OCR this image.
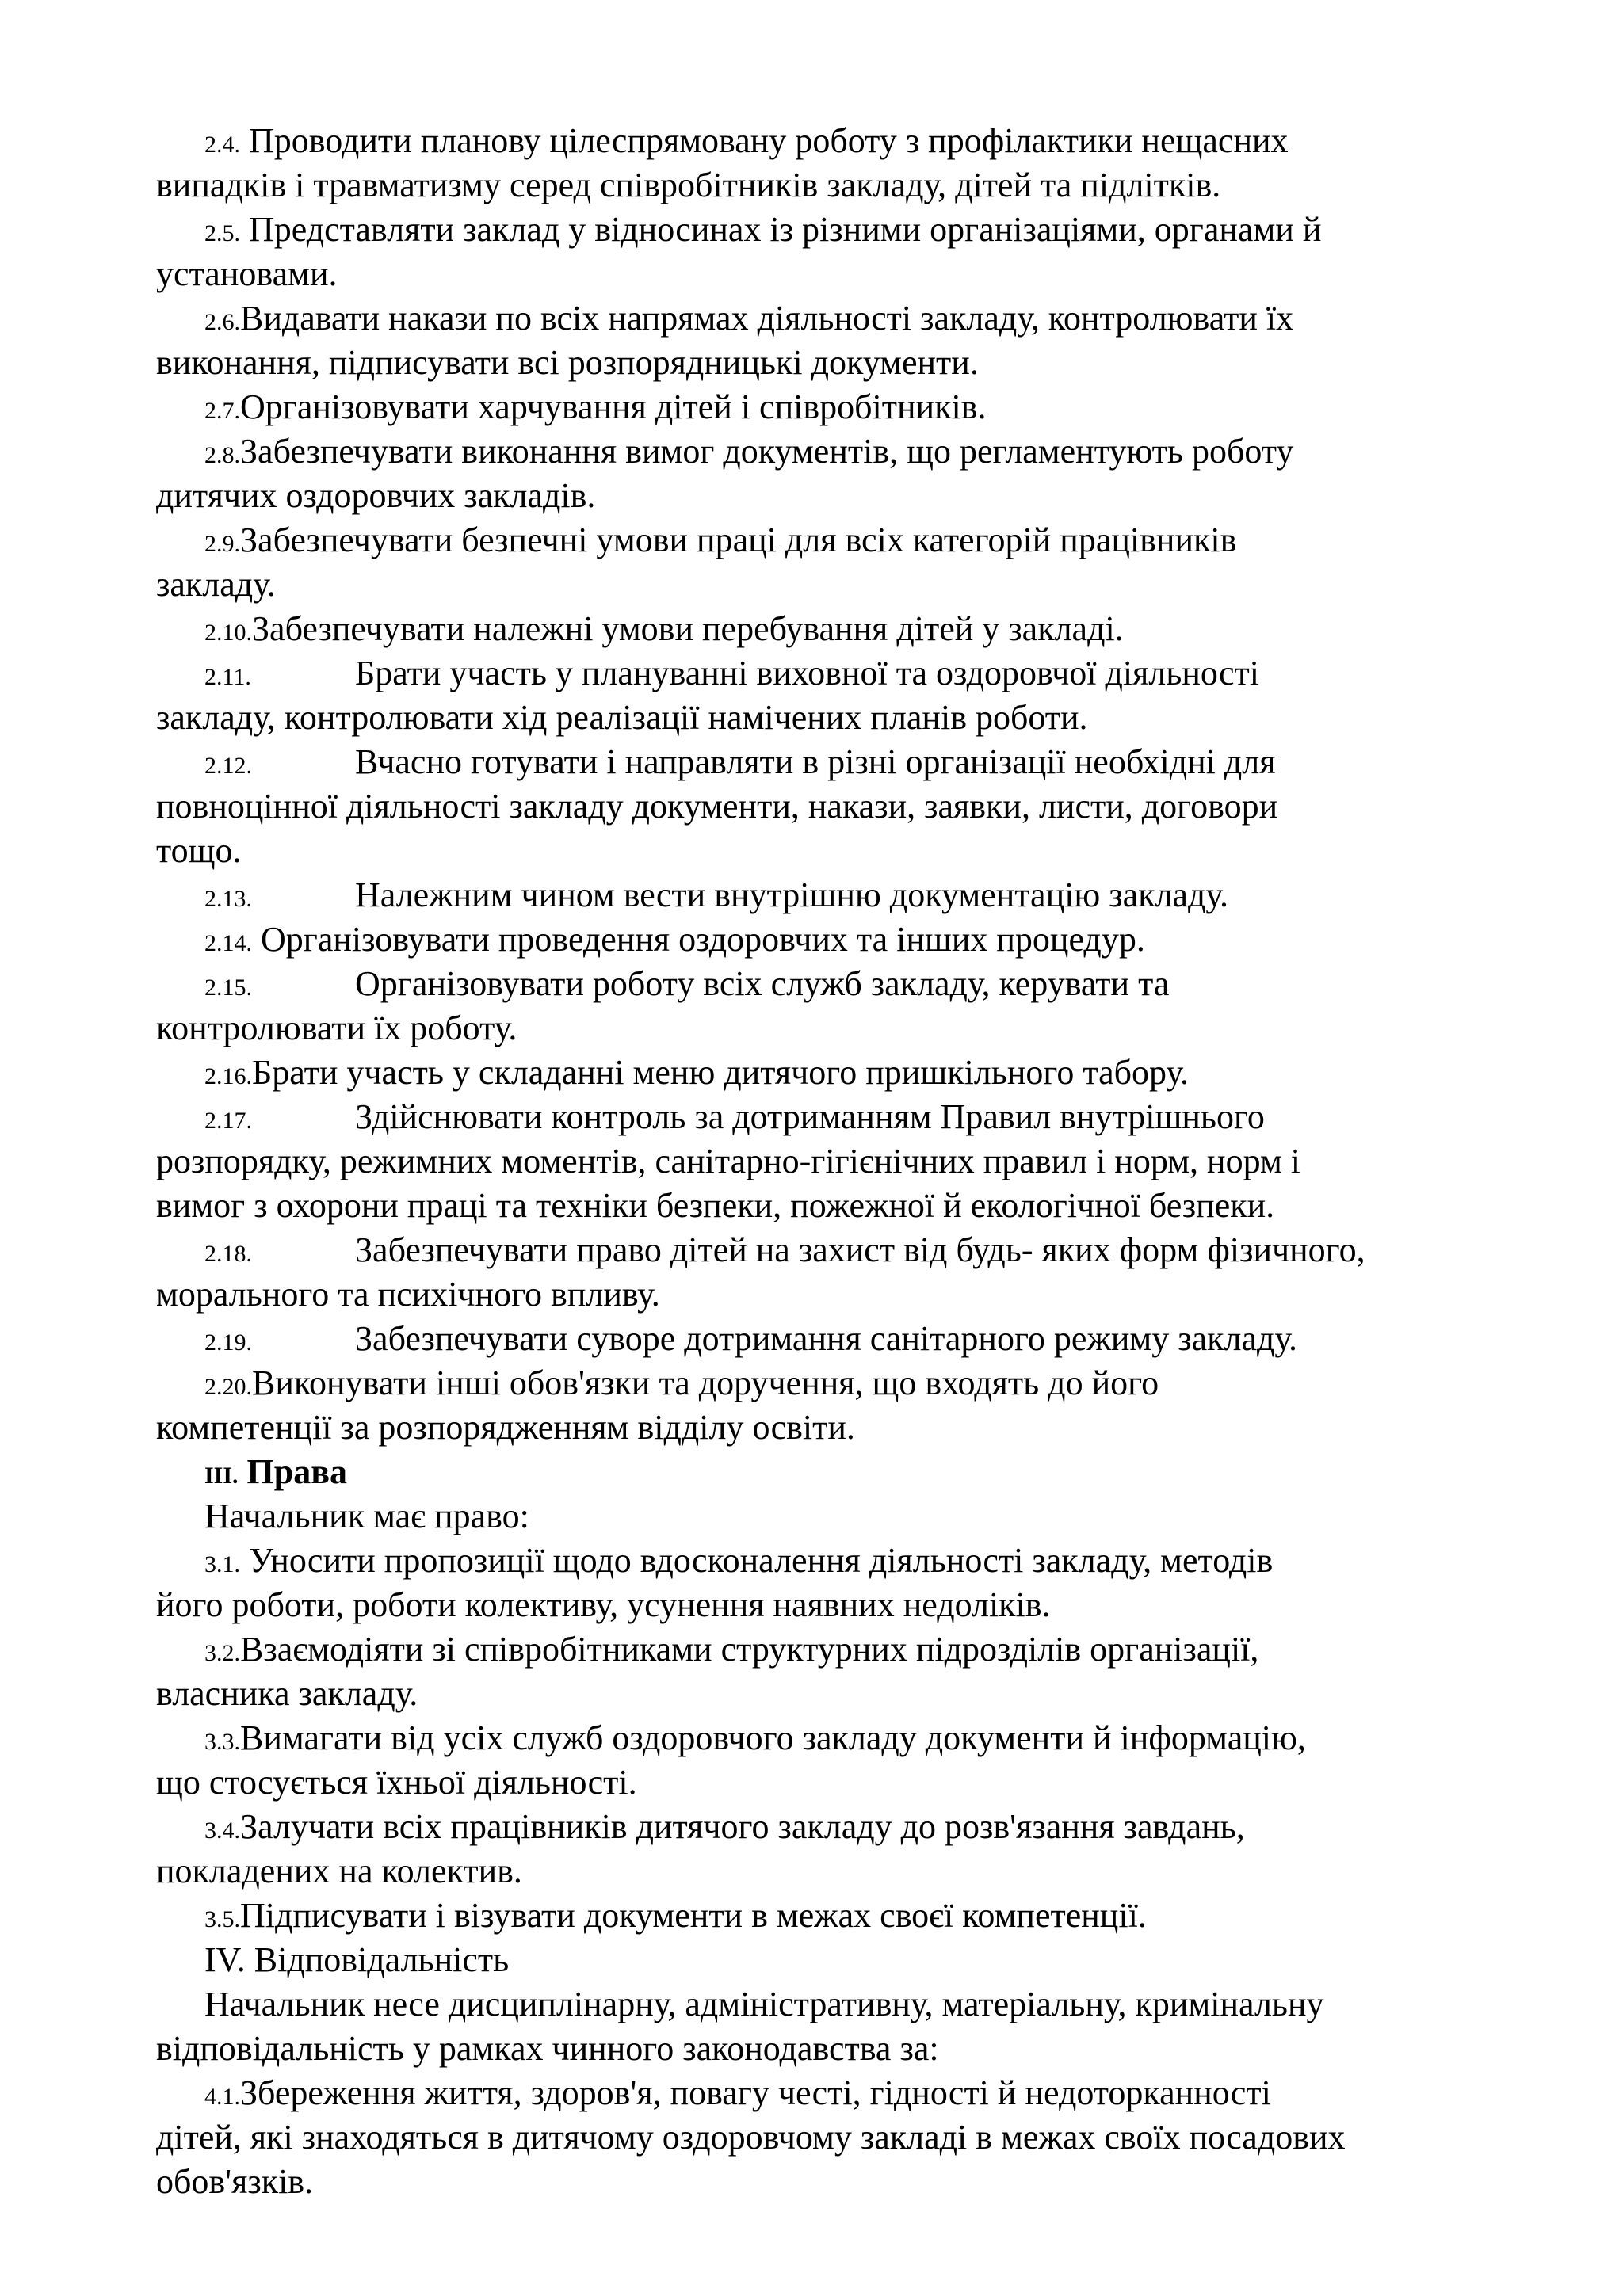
2.4. Проводити планову цілеспрямовану роботу з профілактики нещасних
випадків і травматизму серед співробітників закладу, дітей та підлітків.
2.5. Представляти заклад у відносинах із різними організаціями, органами й
установами.
2.6.Видавати накази по всіх напрямах діяльності закладу, контролювати їх
виконання, підписувати всі розпорядницькі документи.
2.7.Організовувати харчування дітей і співробітників.
2.8.Забезпечувати виконання вимог документів, що регламентують роботу
дитячих оздоровчих закладів.
2.9.Забезпечувати безпечні умови праці для всіх категорій працівників
закладу.
2.10.Забезпечувати належні умови перебування дітей у закладі.
2.11.	Брати участь у плануванні виховної та оздоровчої діяльності
закладу, контролювати хід реалізації намічених планів роботи.
2.12.	Вчасно готувати і направляти в різні організації необхідні для
повноцінної діяльності закладу документи, накази, заявки, листи, договори
тощо.
2.13.	Належним чином вести внутрішню документацію закладу.
2.14. Організовувати проведення оздоровчих та інших процедур.
2.15.	Організовувати роботу всіх служб закладу, керувати та
контролювати їх роботу.
2.16.Брати участь у складанні меню дитячого пришкільного табору.
2.17.	Здійснювати контроль за дотриманням Правил внутрішнього
розпорядку, режимних моментів, санітарно-гігієнічних правил і норм, норм і
вимог з охорони праці та техніки безпеки, пожежної й екологічної безпеки.
2.18.	Забезпечувати право дітей на захист від будь- яких форм фізичного,
морального та психічного впливу.
2.19.	Забезпечувати суворе дотримання санітарного режиму закладу.
2.20.Виконувати інші обов'язки та доручення, що входять до його
компетенції за розпорядженням відділу освіти.
III. Права
Начальник має право:
3.1. Уносити пропозиції щодо вдосконалення діяльності закладу, методів
його роботи, роботи колективу, усунення наявних недоліків.
3.2.Взаємодіяти зі співробітниками структурних підрозділів організації,
власника закладу.
3.3.Вимагати від усіх служб оздоровчого закладу документи й інформацію,
що стосується їхньої діяльності.
3.4.Залучати всіх працівників дитячого закладу до розв'язання завдань,
покладених на колектив.
3.5.Підписувати і візувати документи в межах своєї компетенції.
IV. Відповідальність
Начальник несе дисциплінарну, адміністративну, матеріальну, кримінальну
відповідальність у рамках чинного законодавства за:
4.1.Збереження життя, здоров'я, повагу честі, гідності й недоторканності
дітей, які знаходяться в дитячому оздоровчому закладі в межах своїх посадових
обов'язків.
